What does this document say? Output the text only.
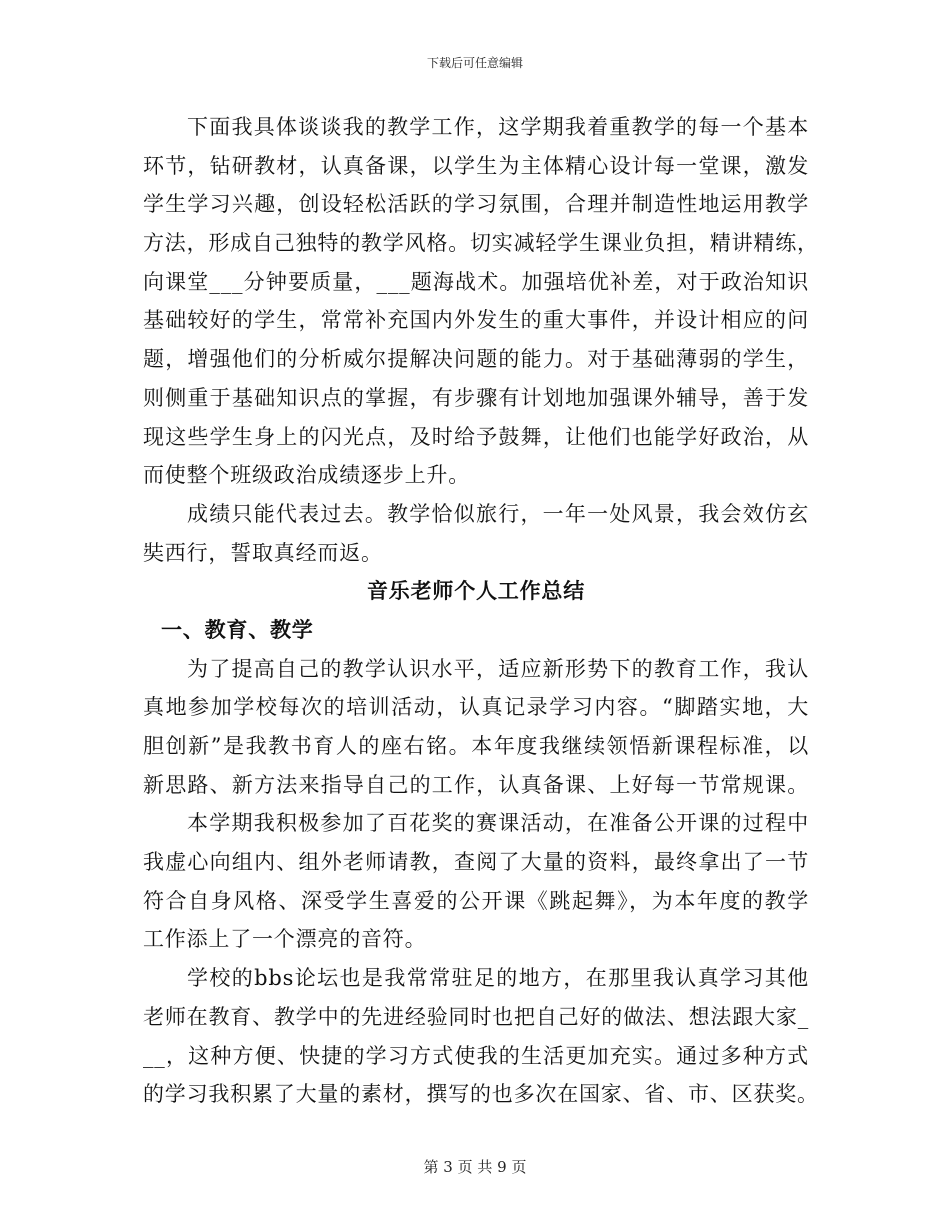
下载后可任意编辑
下面我具体谈谈我的教学工作，这学期我着重教学的每一个基本
环节，钻研教材，认真备课，以学生为主体精心设计每一堂课，激发
学生学习兴趣，创设轻松活跃的学习氛围，合理并制造性地运用教学
方法，形成自己独特的教学风格。切实减轻学生课业负担，精讲精练，
向课堂___分钟要质量，___题海战术。加强培优补差，对于政治知识
基础较好的学生，常常补充国内外发生的重大事件，并设计相应的问
题，增强他们的分析威尔提解决问题的能力。对于基础薄弱的学生，
则侧重于基础知识点的掌握，有步骤有计划地加强课外辅导，善于发
现这些学生身上的闪光点，及时给予鼓舞，让他们也能学好政治，从
而使整个班级政治成绩逐步上升。
成绩只能代表过去。教学恰似旅行，一年一处风景，我会效仿玄
奘西行，誓取真经而返。
音乐老师个人工作总结
一、教育、教学
为了提高自己的教学认识水平，适应新形势下的教育工作，我认
真地参加学校每次的培训活动，认真记录学习内容。“脚踏实地，大
胆创新”是我教书育人的座右铭。本年度我继续领悟新课程标准，以
新思路、新方法来指导自己的工作，认真备课、上好每一节常规课。
本学期我积极参加了百花奖的赛课活动，在准备公开课的过程中
我虚心向组内、组外老师请教，查阅了大量的资料，最终拿出了一节
符合自身风格、深受学生喜爱的公开课《跳起舞》，为本年度的教学
工作添上了一个漂亮的音符。
学校的bbs论坛也是我常常驻足的地方，在那里我认真学习其他
老师在教育、教学中的先进经验同时也把自己好的做法、想法跟大家_
__，这种方便、快捷的学习方式使我的生活更加充实。通过多种方式
的学习我积累了大量的素材，撰写的也多次在国家、省、市、区获奖。
第 3 页 共 9 页
